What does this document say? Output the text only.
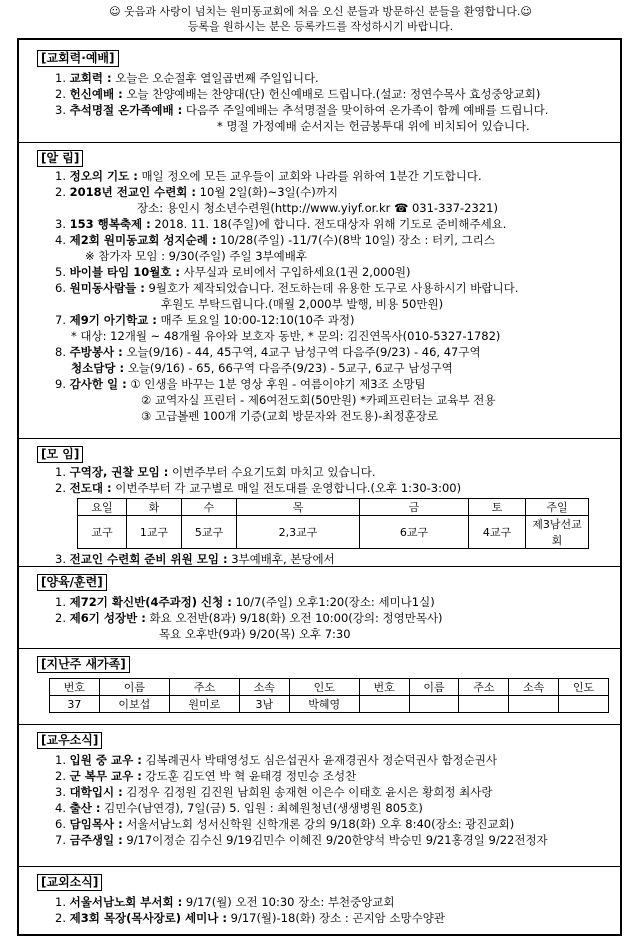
☺ 웃음과 사랑이 넘치는 원미동교회에 처음 오신 분들과 방문하신 분들을 환영합니다.☺
등록을 원하시는 분은 등록카드를 작성하시기 바랍니다.
[교회력·예배]
1. 교회력 : 오늘은 오순절후 열일곱번째 주일입니다.
2. 헌신예배 : 오늘 찬양예배는 찬양대(단) 헌신예배로 드립니다.(설교: 정연수목사 효성중앙교회)
3. 추석명절 온가족예배 : 다음주 주일예배는 추석명절을 맞이하여 온가족이 함께 예배를 드립니다.
* 명절 가정예배 순서지는 헌금봉투대 위에 비치되어 있습니다.
[알 림]
1. 정오의 기도 : 매일 정오에 모든 교우들이 교회와 나라를 위하여 1분간 기도합니다.
2. 2018년 전교인 수련회 : 10월 2일(화)~3일(수)까지
장소: 용인시 청소년수련원(http://www.yiyf.or.kr ☎ 031-337-2321)
3. 153 행복축제 : 2018. 11. 18(주일)에 합니다. 전도대상자 위해 기도로 준비해주세요.
4. 제2회 원미동교회 성지순례 : 10/28(주일) -11/7(수)(8박 10일) 장소 : 터키, 그리스
※ 참가자 모임 : 9/30(주일) 주일 3부예배후
5. 바이블 타임 10월호 : 사무실과 로비에서 구입하세요(1권 2,000원)
6. 원미동사람들 : 9월호가 제작되었습니다. 전도하는데 유용한 도구로 사용하시기 바랍니다.
후원도 부탁드립니다.(매월 2,000부 발행, 비용 50만원)
7. 제9기 아기학교 : 매주 토요일 10:00-12:10(10주 과정)
* 대상: 12개월 ~ 48개월 유아와 보호자 동반, * 문의: 김진연목사(010-5327-1782)
8. 주방봉사 : 오늘(9/16) - 44, 45구역, 4교구 남성구역 다음주(9/23) - 46, 47구역
청소담당 : 오늘(9/16) - 65, 66구역 다음주(9/23) - 5교구, 6교구 남성구역
9. 감사한 일 : ① 인생을 바꾸는 1분 영상 후원 - 여름이야기 제3조 소망팀
② 교역자실 프린터 - 제6여전도회(50만원) *카페프린터는 교육부 전용
③ 고급볼펜 100개 기증(교회 방문자와 전도용)-최정훈장로
[모 임]
1. 구역장, 권찰 모임 : 이번주부터 수요기도회 마치고 있습니다.
2. 전도대 : 이번주부터 각 교구별로 매일 전도대를 운영합니다.(오후 1:30-3:00)
요일	화	수	목	금	토	주일
교구	1교구	5교구	2,3교구	6교구	4교구	제3남선교회
3. 전교인 수련회 준비 위원 모임 : 3부예배후, 본당에서
[양육/훈련]
1. 제72기 확신반(4주과정) 신청 : 10/7(주일) 오후1:20(장소: 세미나1실)
2. 제6기 성장반 : 화요 오전반(8과) 9/18(화) 오전 10:00(강의: 정영만목사)
목요 오후반(9과) 9/20(목) 오후 7:30
[지난주 새가족]
번호	이름	주소	소속	인도	번호	이름	주소	소속	인도
37	이보섭	원미로	3남	박혜영					
[교우소식]
1. 입원 중 교우 : 김복례권사 박태영성도 심은섭권사 윤재경권사 정순덕권사 함정순권사
2. 군 복무 교우 : 강도훈 김도연 박 혁 윤태경 정민승 조성찬
3. 대학입시 : 김정우 김정원 김진원 남희원 송재현 이은수 이태호 윤시은 황희정 최사랑
4. 출산 : 김민수(남연경), 7일(금) 5. 입원 : 최혜원청년(생생병원 805호)
6. 담임목사 : 서울서남노회 성서신학원 신학개론 강의 9/18(화) 오후 8:40(장소: 광진교회)
7. 금주생일 : 9/17이정순 김수신 9/19김민수 이혜진 9/20한양석 박승민 9/21홍경일 9/22전정자
[교외소식]
1. 서울서남노회 부서회 : 9/17(월) 오전 10:30 장소: 부천중앙교회
2. 제3회 목장(목사장로) 세미나 : 9/17(월)-18(화) 장소 : 곤지암 소망수양관
